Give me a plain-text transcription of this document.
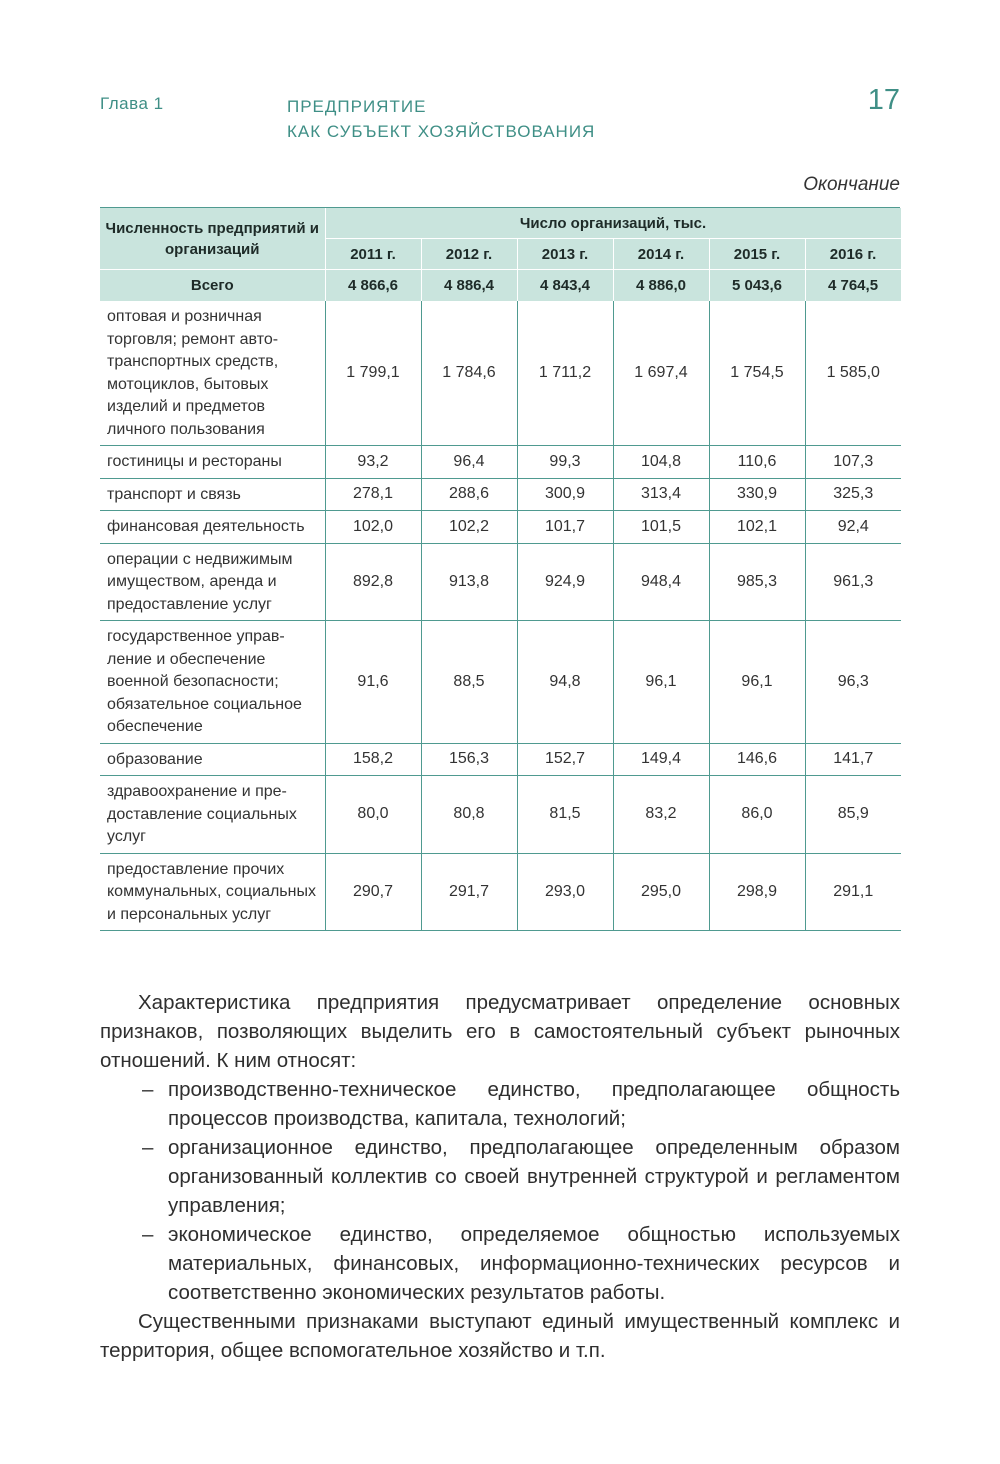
Глава 1	ПРЕДПРИЯТИЕ
КАК СУБЪЕКТ ХОЗЯЙСТВОВАНИЯ
17
Окончание
Численность предприятий и организаций	Число организаций, тыс.					
	2011 г.	2012 г.	2013 г.	2014 г.	2015 г.	2016 г.
Всего	4 866,6	4 886,4	4 843,4	4 886,0	5 043,6	4 764,5
оптовая и розничная торговля; ремонт автотранспортных средств, мотоциклов, бытовых изделий и предметов личного пользования	1 799,1	1 784,6	1 711,2	1 697,4	1 754,5	1 585,0
гостиницы и рестораны	93,2	96,4	99,3	104,8	110,6	107,3
транспорт и связь	278,1	288,6	300,9	313,4	330,9	325,3
финансовая деятельность	102,0	102,2	101,7	101,5	102,1	92,4
операции с недвижимым имуществом, аренда и предоставление услуг	892,8	913,8	924,9	948,4	985,3	961,3
государственное управление и обеспечение военной безопасности; обязательное социальное обеспечение	91,6	88,5	94,8	96,1	96,1	96,3
образование	158,2	156,3	152,7	149,4	146,6	141,7
здравоохранение и предоставление социальных услуг	80,0	80,8	81,5	83,2	86,0	85,9
предоставление прочих коммунальных, социальных и персональных услуг	290,7	291,7	293,0	295,0	298,9	291,1

Характеристика предприятия предусматривает определение основных признаков, позволяющих выделить его в самостоятельный субъект рыночных отношений. К ним относят:

– производственно-техническое единство, предполагающее общность процессов производства, капитала, технологий;
– организационное единство, предполагающее определенным образом организованный коллектив со своей внутренней структурой и регламентом управления;
– экономическое единство, определяемое общностью используемых материальных, финансовых, информационно-технических ресурсов и соответственно экономических результатов работы.

Существенными признаками выступают единый имущественный комплекс и территория, общее вспомогательное хозяйство и т.п.
